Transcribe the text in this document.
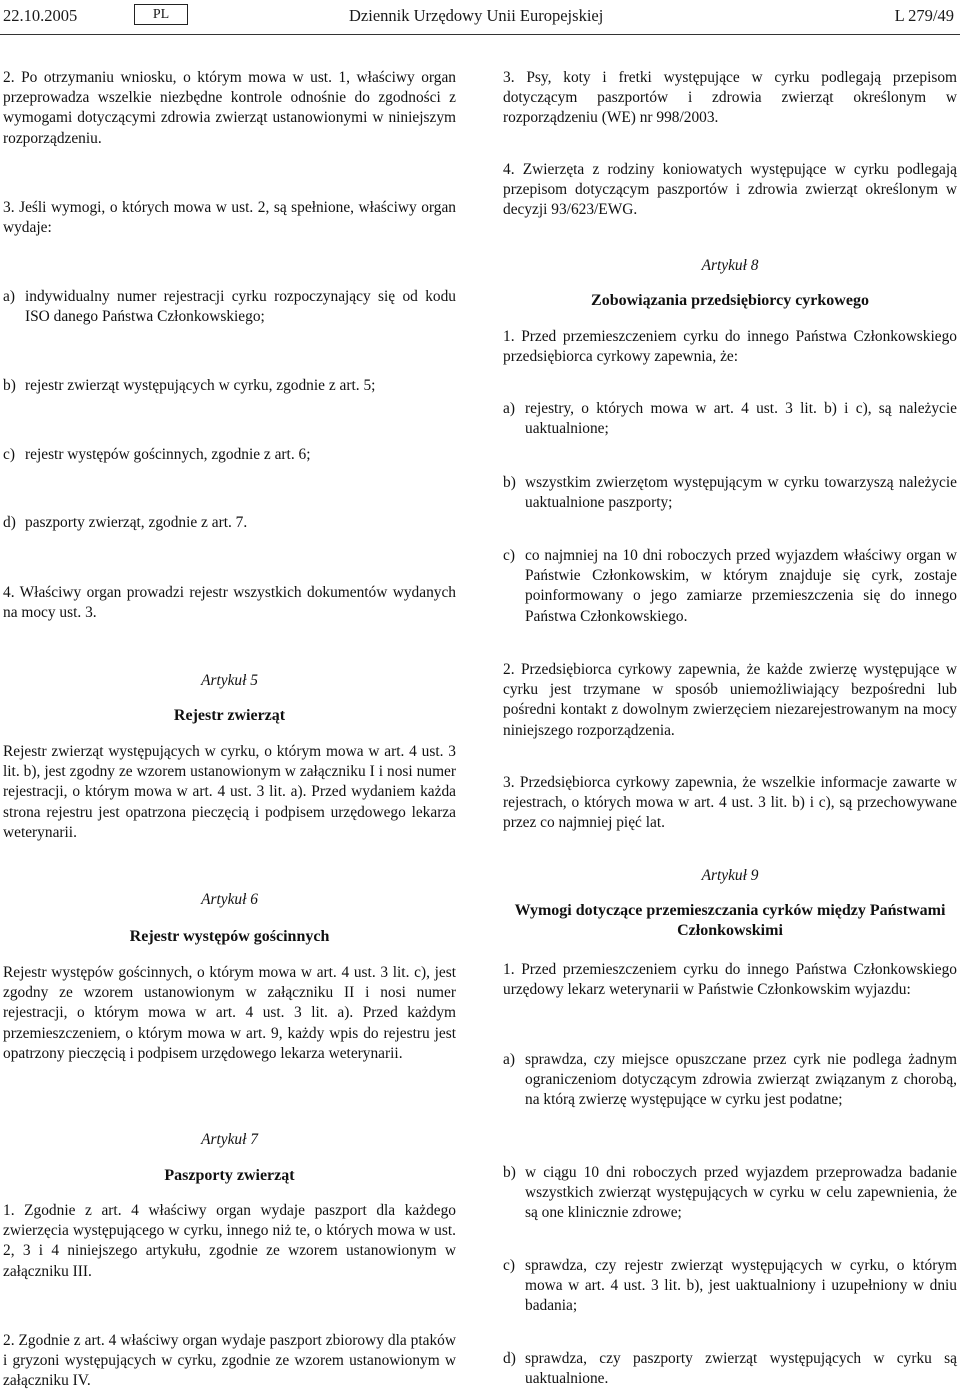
22.10.2005	PL	Dziennik Urzędowy Unii Europejskiej	L 279/49

2. Po otrzymaniu wniosku, o którym mowa w ust. 1, właściwy organ przeprowadza wszelkie niezbędne kontrole odnośnie do zgodności z wymogami dotyczącymi zdrowia zwierząt ustanowionymi w niniejszym rozporządzeniu.

3. Jeśli wymogi, o których mowa w ust. 2, są spełnione, właściwy organ wydaje:

a) indywidualny numer rejestracji cyrku rozpoczynający się od kodu ISO danego Państwa Członkowskiego;
b) rejestr zwierząt występujących w cyrku, zgodnie z art. 5;
c) rejestr występów gościnnych, zgodnie z art. 6;
d) paszporty zwierząt, zgodnie z art. 7.

4. Właściwy organ prowadzi rejestr wszystkich dokumentów wydanych na mocy ust. 3.

Artykuł 5
Rejestr zwierząt

Rejestr zwierząt występujących w cyrku, o którym mowa w art. 4 ust. 3 lit. b), jest zgodny ze wzorem ustanowionym w załączniku I i nosi numer rejestracji, o którym mowa w art. 4 ust. 3 lit. a). Przed wydaniem każda strona rejestru jest opatrzona pieczęcią i podpisem urzędowego lekarza weterynarii.

Artykuł 6
Rejestr występów gościnnych

Rejestr występów gościnnych, o którym mowa w art. 4 ust. 3 lit. c), jest zgodny ze wzorem ustanowionym w załączniku II i nosi numer rejestracji, o którym mowa w art. 4 ust. 3 lit. a). Przed każdym przemieszczeniem, o którym mowa w art. 9, każdy wpis do rejestru jest opatrzony pieczęcią i podpisem urzędowego lekarza weterynarii.

Artykuł 7
Paszporty zwierząt

1. Zgodnie z art. 4 właściwy organ wydaje paszport dla każdego zwierzęcia występującego w cyrku, innego niż te, o których mowa w ust. 2, 3 i 4 niniejszego artykułu, zgodnie ze wzorem ustanowionym w załączniku III.

2. Zgodnie z art. 4 właściwy organ wydaje paszport zbiorowy dla ptaków i gryzoni występujących w cyrku, zgodnie ze wzorem ustanowionym w załączniku IV.

3. Psy, koty i fretki występujące w cyrku podlegają przepisom dotyczącym paszportów i zdrowia zwierząt określonym w rozporządzeniu (WE) nr 998/2003.

4. Zwierzęta z rodziny koniowatych występujące w cyrku podlegają przepisom dotyczącym paszportów i zdrowia zwierząt określonym w decyzji 93/623/EWG.

Artykuł 8
Zobowiązania przedsiębiorcy cyrkowego

1. Przed przemieszczeniem cyrku do innego Państwa Członkowskiego przedsiębiorca cyrkowy zapewnia, że:

a) rejestry, o których mowa w art. 4 ust. 3 lit. b) i c), są należycie uaktualnione;
b) wszystkim zwierzętom występującym w cyrku towarzyszą należycie uaktualnione paszporty;
c) co najmniej na 10 dni roboczych przed wyjazdem właściwy organ w Państwie Członkowskim, w którym znajduje się cyrk, zostaje poinformowany o jego zamiarze przemieszczenia się do innego Państwa Członkowskiego.

2. Przedsiębiorca cyrkowy zapewnia, że każde zwierzę występujące w cyrku jest trzymane w sposób uniemożliwiający bezpośredni lub pośredni kontakt z dowolnym zwierzęciem niezarejestrowanym na mocy niniejszego rozporządzenia.

3. Przedsiębiorca cyrkowy zapewnia, że wszelkie informacje zawarte w rejestrach, o których mowa w art. 4 ust. 3 lit. b) i c), są przechowywane przez co najmniej pięć lat.

Artykuł 9
Wymogi dotyczące przemieszczania cyrków między Państwami Członkowskimi

1. Przed przemieszczeniem cyrku do innego Państwa Członkowskiego urzędowy lekarz weterynarii w Państwie Członkowskim wyjazdu:

a) sprawdza, czy miejsce opuszczane przez cyrk nie podlega żadnym ograniczeniom dotyczącym zdrowia zwierząt związanym z chorobą, na którą zwierzę występujące w cyrku jest podatne;
b) w ciągu 10 dni roboczych przed wyjazdem przeprowadza badanie wszystkich zwierząt występujących w cyrku w celu zapewnienia, że są one klinicznie zdrowe;
c) sprawdza, czy rejestr zwierząt występujących w cyrku, o którym mowa w art. 4 ust. 3 lit. b), jest uaktualniony i uzupełniony w dniu badania;
d) sprawdza, czy paszporty zwierząt występujących w cyrku są uaktualnione.
